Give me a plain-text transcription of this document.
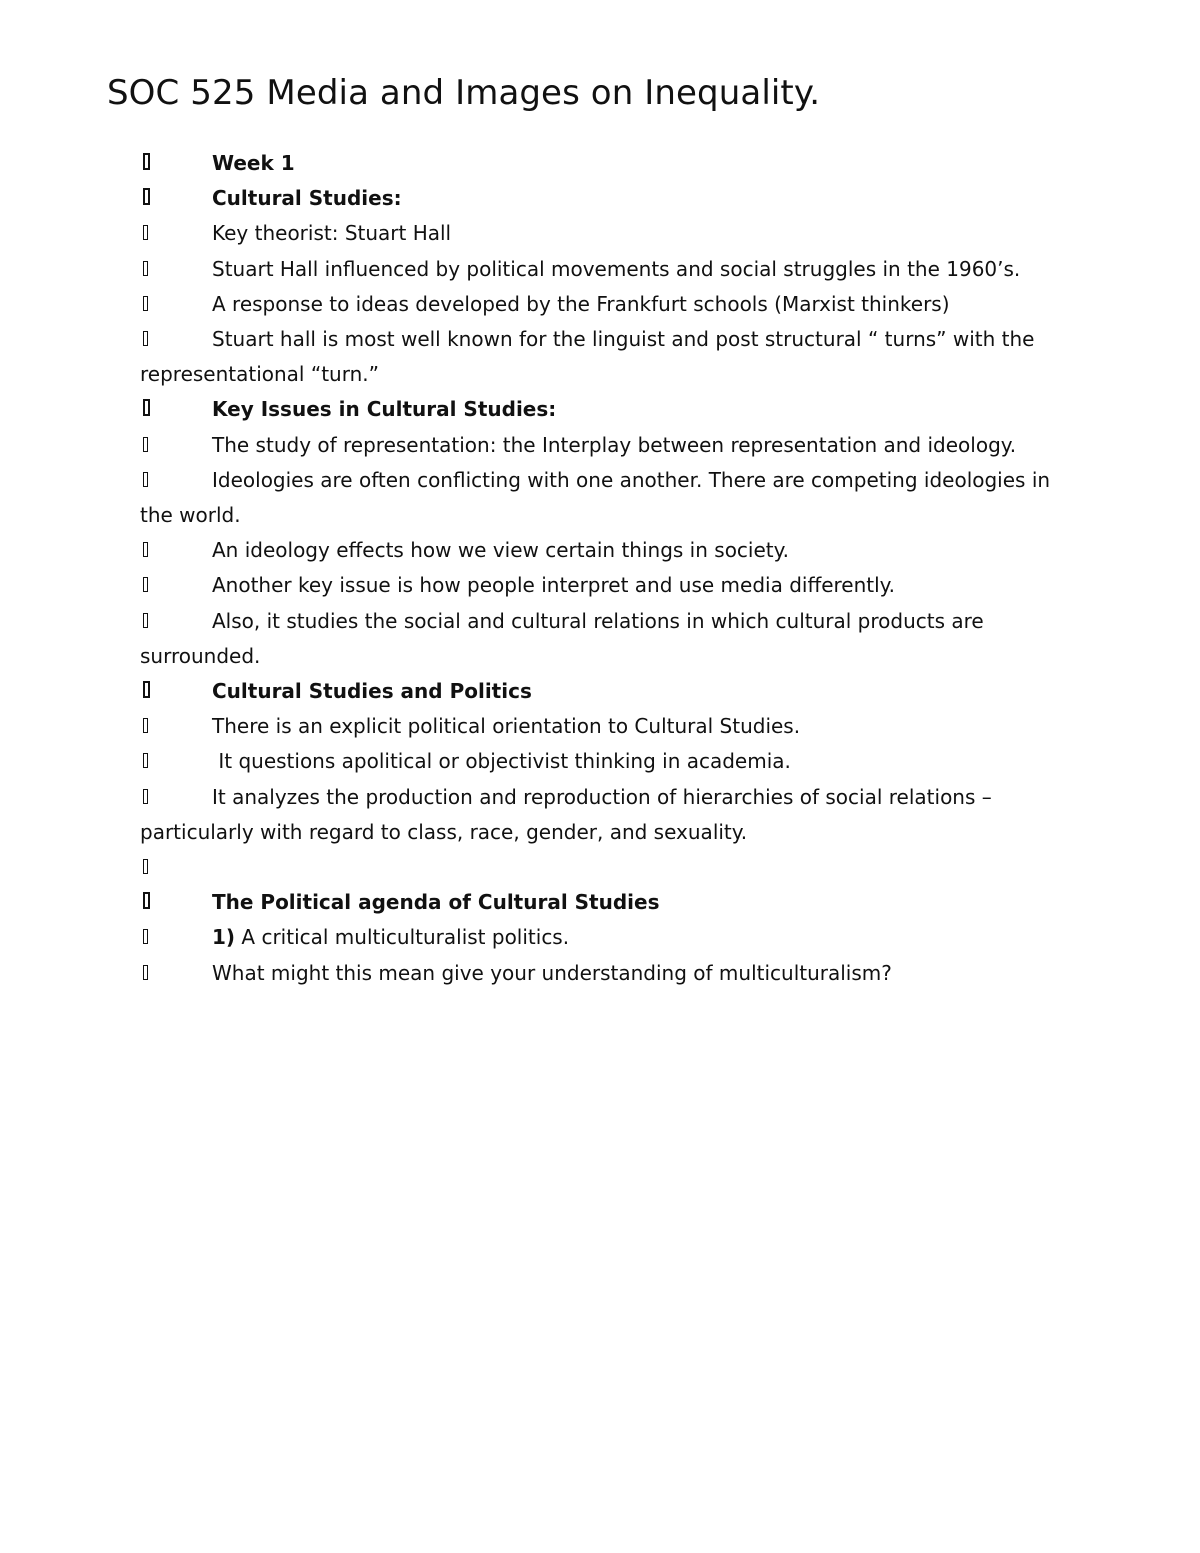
SOC 525 Media and Images on Inequality.

Week 1

Cultural Studies:

Key theorist: Stuart Hall

Stuart Hall influenced by political movements and social struggles in the 1960’s.

A response to ideas developed by the Frankfurt schools (Marxist thinkers)

Stuart hall is most well known for the linguist and post structural “ turns” with the representational “turn.”

Key Issues in Cultural Studies:

The study of representation: the Interplay between representation and ideology.

Ideologies are often conflicting with one another. There are competing ideologies in the world.

An ideology effects how we view certain things in society.

Another key issue is how people interpret and use media differently.

Also, it studies the social and cultural relations in which cultural products are surrounded.

Cultural Studies and Politics

There is an explicit political orientation to Cultural Studies.

It questions apolitical or objectivist thinking in academia.

It analyzes the production and reproduction of hierarchies of social relations – particularly with regard to class, race, gender, and sexuality.

The Political agenda of Cultural Studies

1) A critical multiculturalist politics.

What might this mean give your understanding of multiculturalism?
